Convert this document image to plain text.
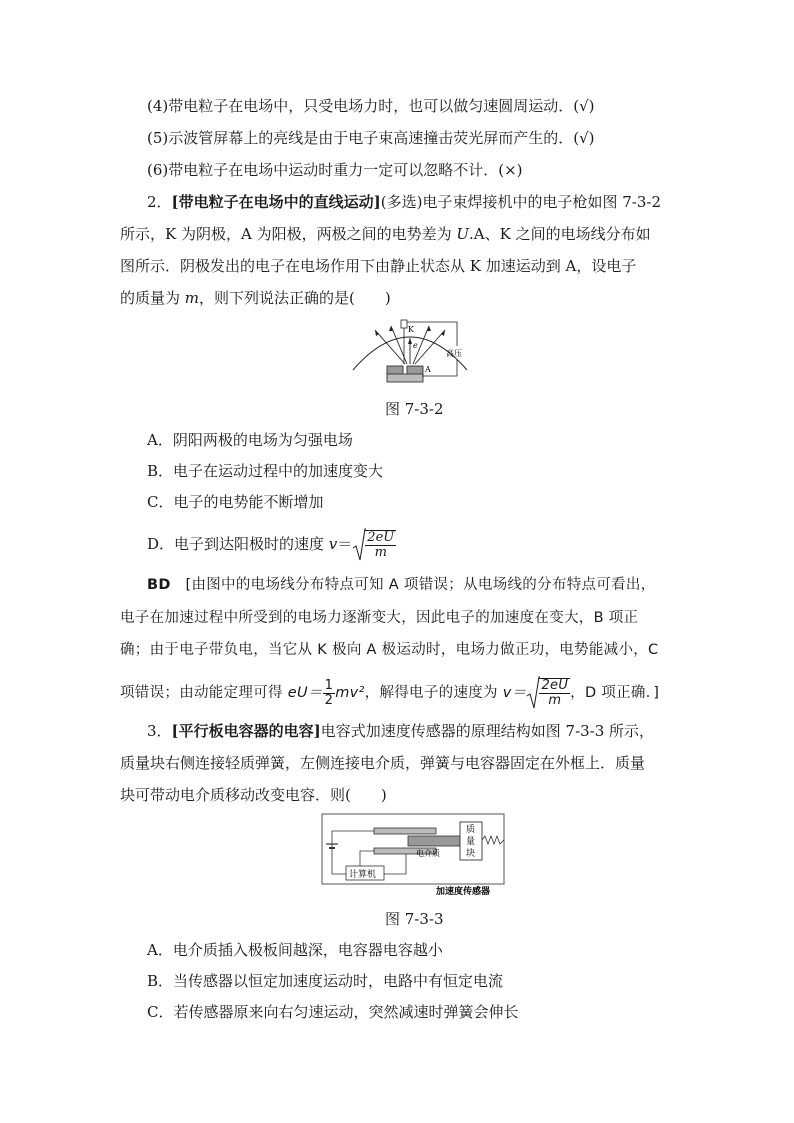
(4)带电粒子在电场中，只受电场力时，也可以做匀速圆周运动．(√)
(5)示波管屏幕上的亮线是由于电子束高速撞击荧光屏而产生的．(√)
(6)带电粒子在电场中运动时重力一定可以忽略不计．(×)
2．[带电粒子在电场中的直线运动](多选)电子束焊接机中的电子枪如图 7-3-2
所示，K 为阴极，A 为阳极，两极之间的电势差为 U.A、K 之间的电场线分布如
图所示．阴极发出的电子在电场作用下由静止状态从 K 加速运动到 A，设电子
的质量为 m，则下列说法正确的是(　　)
K
e
A
高压
图 7-3-2
A．阴阳两极的电场为匀强电场
B．电子在运动过程中的加速度变大
C．电子的电势能不断增加
D．电子到达阳极时的速度 $v= \frac{2eU}{m}$
BD　[由图中的电场线分布特点可知 A 项错误；从电场线的分布特点可看出，
电子在加速过程中所受到的电场力逐渐变大，因此电子的加速度在变大，B 项正
确；由于电子带负电，当它从 K 极向 A 极运动时，电场力做正功，电势能减小，C
项错误；由动能定理可得 $eU= \frac{1}{2} mv^2$，解得电子的速度为 $v= \frac{2eU}{m}$ ，D 项正确．]
3．[平行板电容器的电容]电容式加速度传感器的原理结构如图 7-3-3 所示，
质量块右侧连接轻质弹簧，左侧连接电介质，弹簧与电容器固定在外框上．质量
块可带动电介质移动改变电容．则(　　)
计算机
电介质
质
量
块
加速度传感器
图 7-3-3
A．电介质插入极板间越深，电容器电容越小
B．当传感器以恒定加速度运动时，电路中有恒定电流
C．若传感器原来向右匀速运动，突然减速时弹簧会伸长
